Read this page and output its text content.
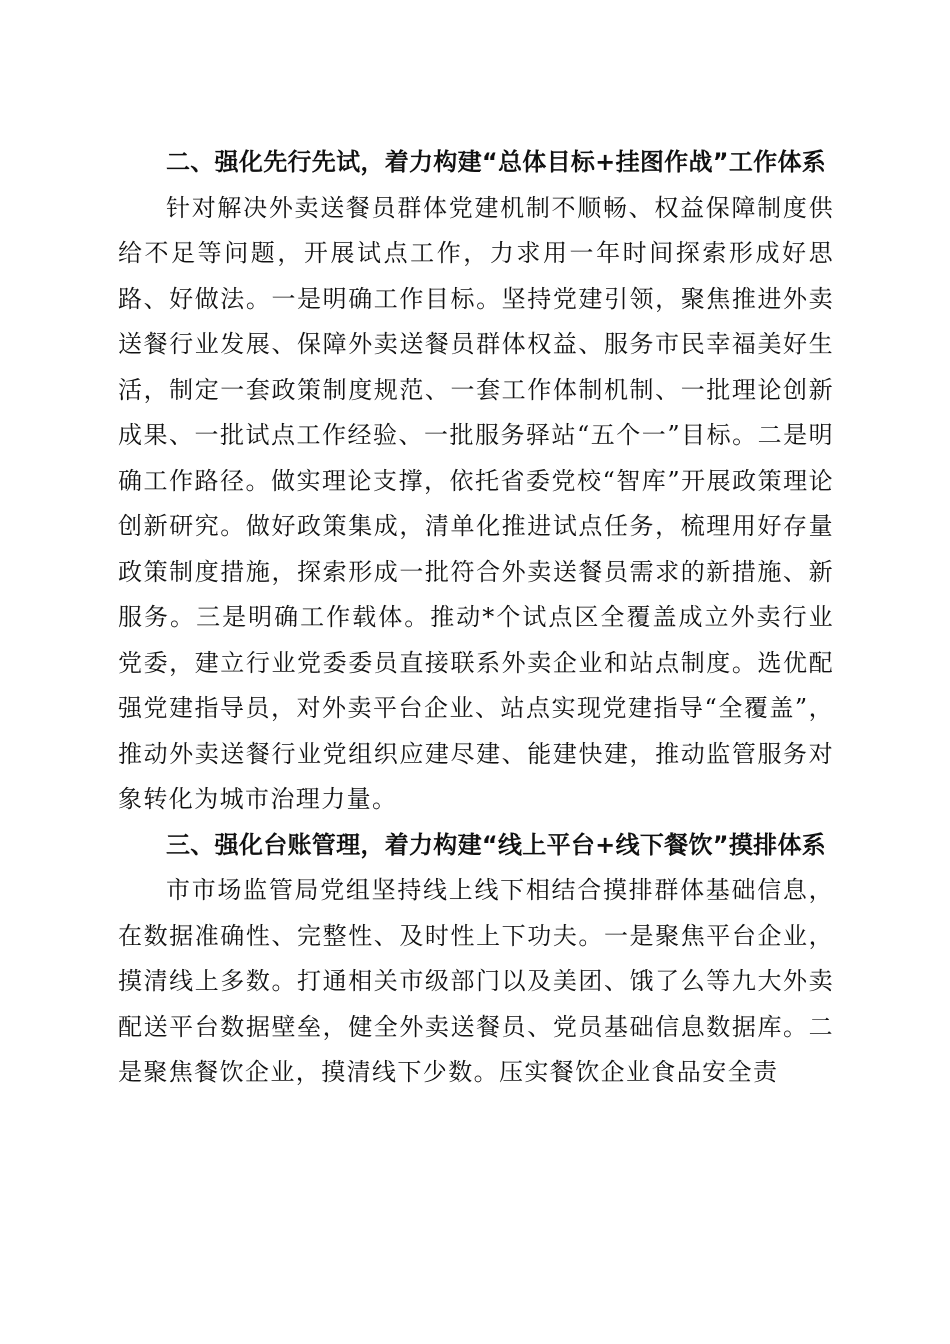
二、强化先行先试，着力构建“总体目标+挂图作战”工作体系

针对解决外卖送餐员群体党建机制不顺畅、权益保障制度供给不足等问题，开展试点工作，力求用一年时间探索形成好思路、好做法。一是明确工作目标。坚持党建引领，聚焦推进外卖送餐行业发展、保障外卖送餐员群体权益、服务市民幸福美好生活，制定一套政策制度规范、一套工作体制机制、一批理论创新成果、一批试点工作经验、一批服务驿站“五个一”目标。二是明确工作路径。做实理论支撑，依托省委党校“智库”开展政策理论创新研究。做好政策集成，清单化推进试点任务，梳理用好存量政策制度措施，探索形成一批符合外卖送餐员需求的新措施、新服务。三是明确工作载体。推动*个试点区全覆盖成立外卖行业党委，建立行业党委委员直接联系外卖企业和站点制度。选优配强党建指导员，对外卖平台企业、站点实现党建指导“全覆盖”，推动外卖送餐行业党组织应建尽建、能建快建，推动监管服务对象转化为城市治理力量。

三、强化台账管理，着力构建“线上平台+线下餐饮”摸排体系

市市场监管局党组坚持线上线下相结合摸排群体基础信息，在数据准确性、完整性、及时性上下功夫。一是聚焦平台企业，摸清线上多数。打通相关市级部门以及美团、饿了么等九大外卖配送平台数据壁垒，健全外卖送餐员、党员基础信息数据库。二是聚焦餐饮企业，摸清线下少数。压实餐饮企业食品安全责
